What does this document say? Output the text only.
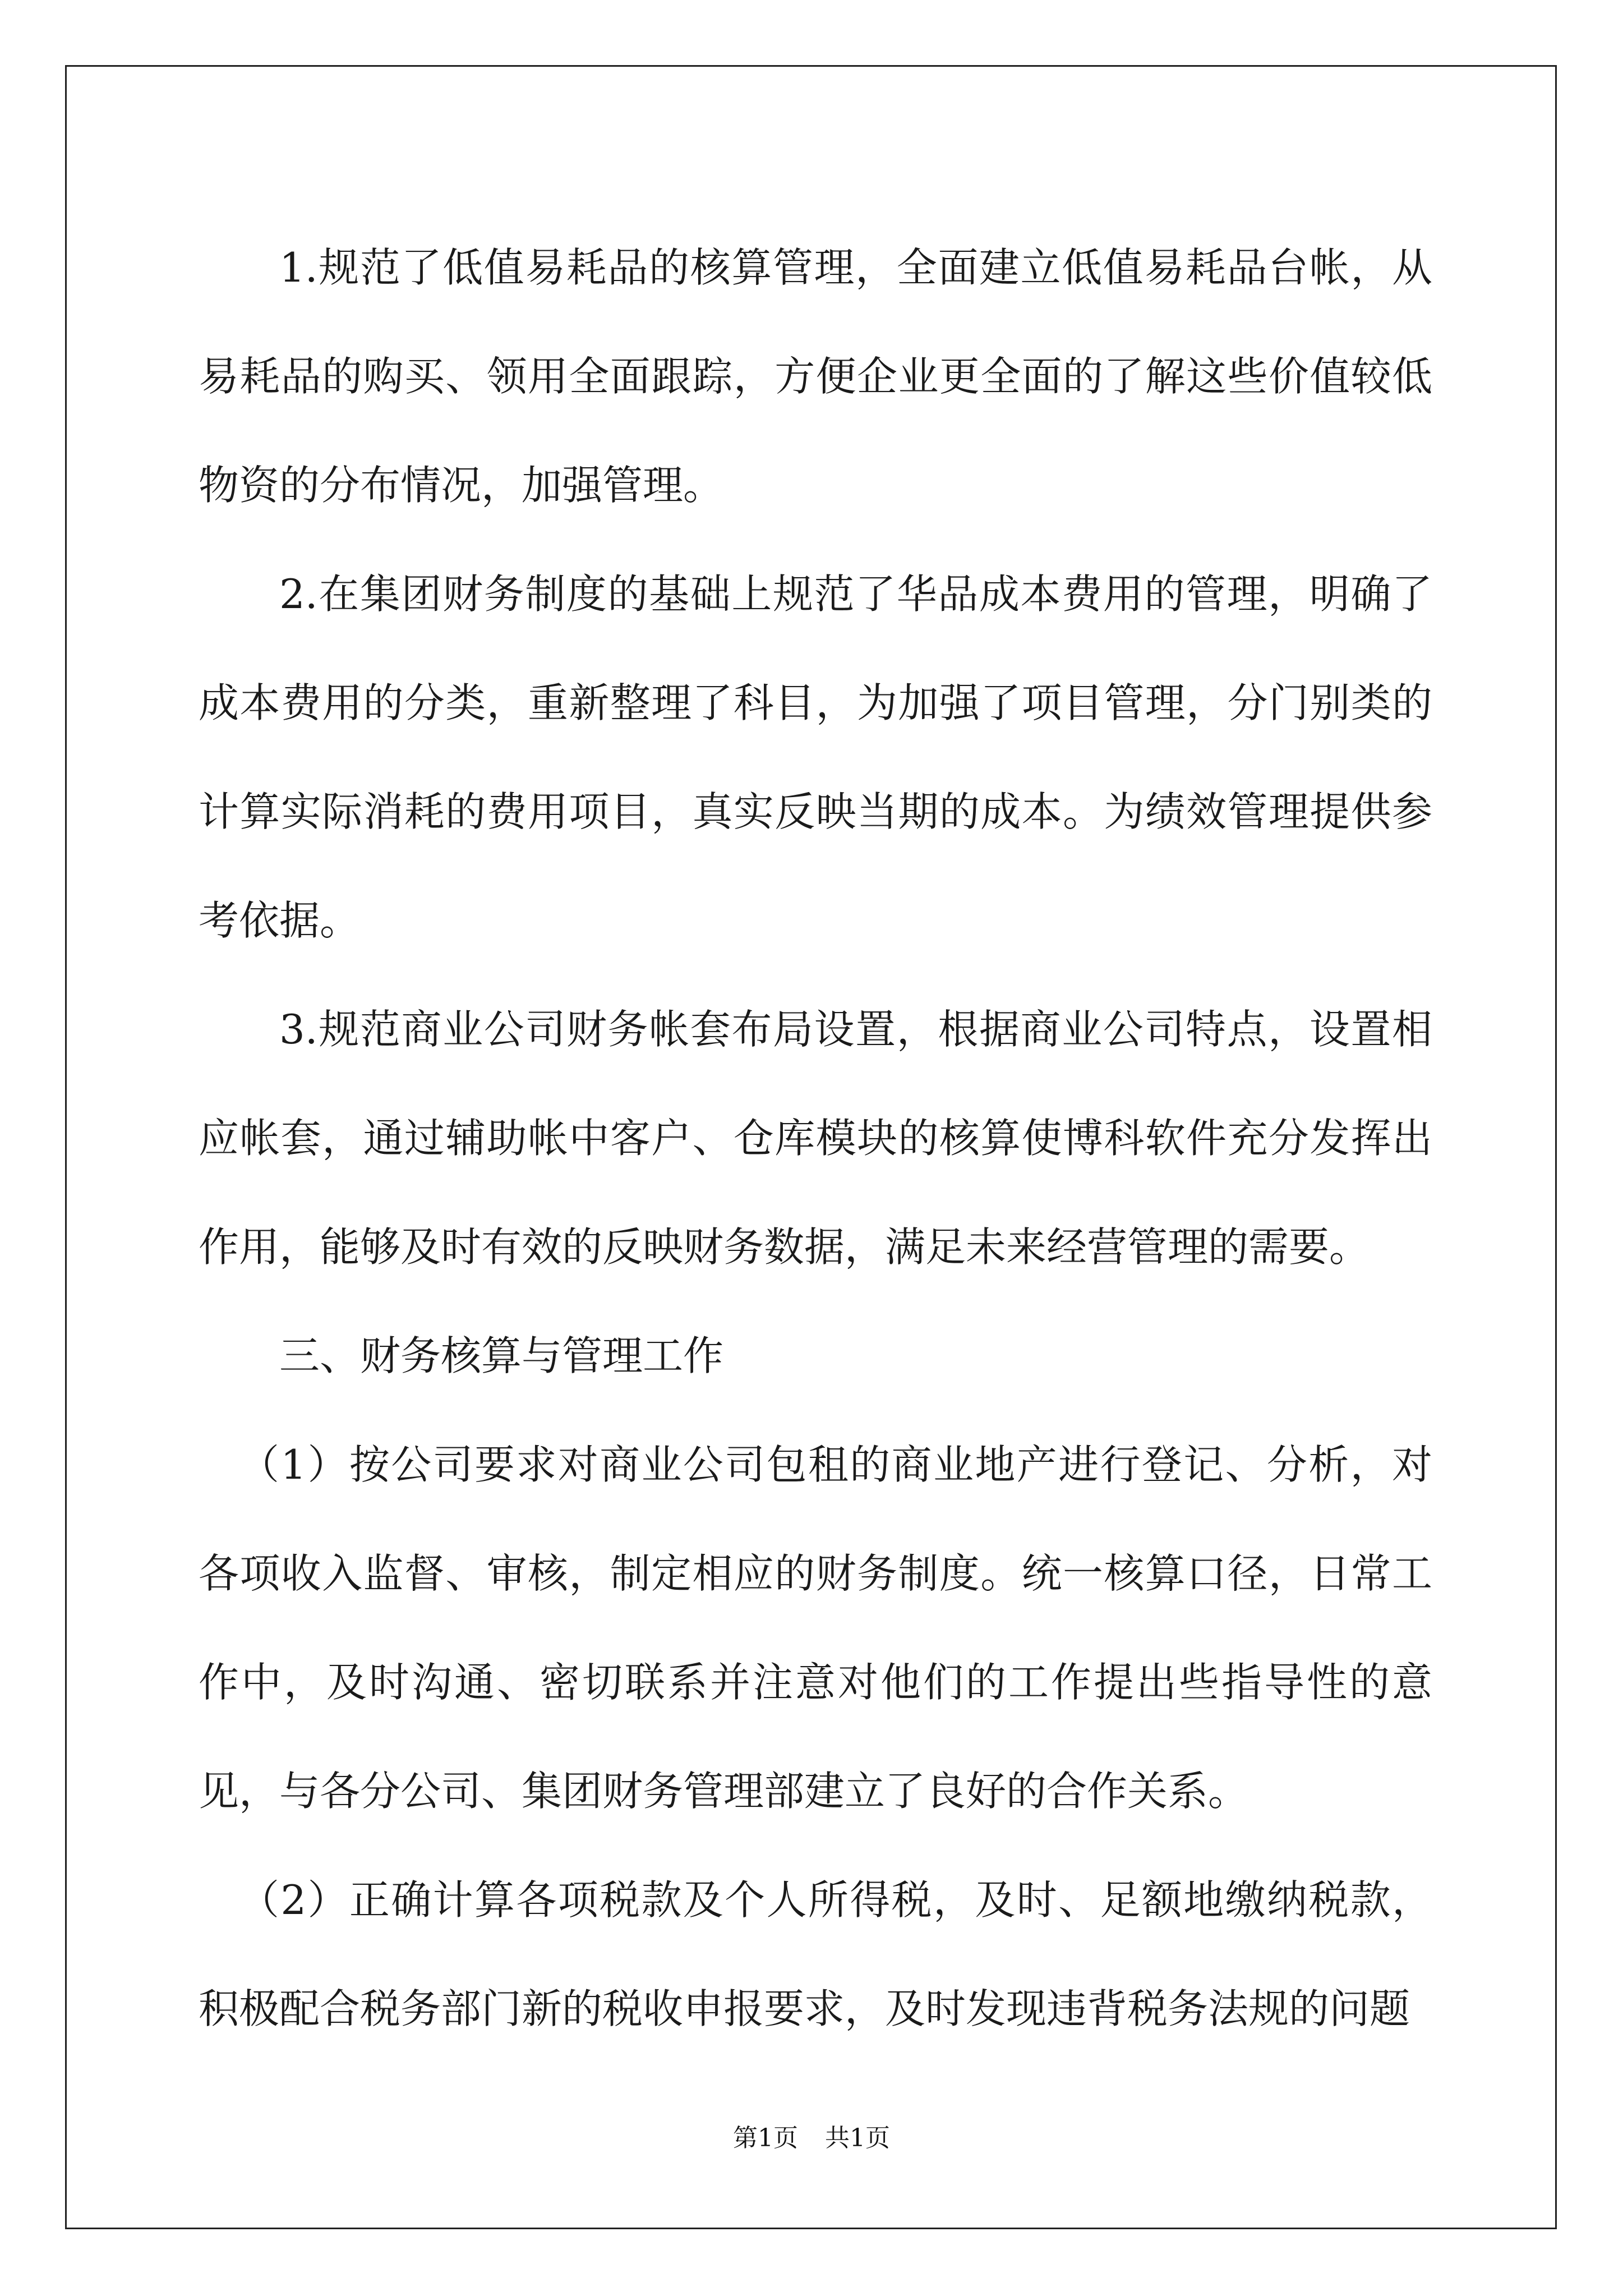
1.规范了低值易耗品的核算管理，全面建立低值易耗品台帐，从易耗品的购买、领用全面跟踪，方便企业更全面的了解这些价值较低物资的分布情况，加强管理。

2.在集团财务制度的基础上规范了华品成本费用的管理，明确了成本费用的分类，重新整理了科目，为加强了项目管理，分门别类的计算实际消耗的费用项目，真实反映当期的成本。为绩效管理提供参考依据。

3.规范商业公司财务帐套布局设置，根据商业公司特点，设置相应帐套，通过辅助帐中客户、仓库模块的核算使博科软件充分发挥出作用，能够及时有效的反映财务数据，满足未来经营管理的需要。

三、财务核算与管理工作

（1）按公司要求对商业公司包租的商业地产进行登记、分析，对各项收入监督、审核，制定相应的财务制度。统一核算口径，日常工作中，及时沟通、密切联系并注意对他们的工作提出些指导性的意见，与各分公司、集团财务管理部建立了良好的合作关系。

（2）正确计算各项税款及个人所得税，及时、足额地缴纳税款，积极配合税务部门新的税收申报要求，及时发现违背税务法规的问题

第1页 共1页
